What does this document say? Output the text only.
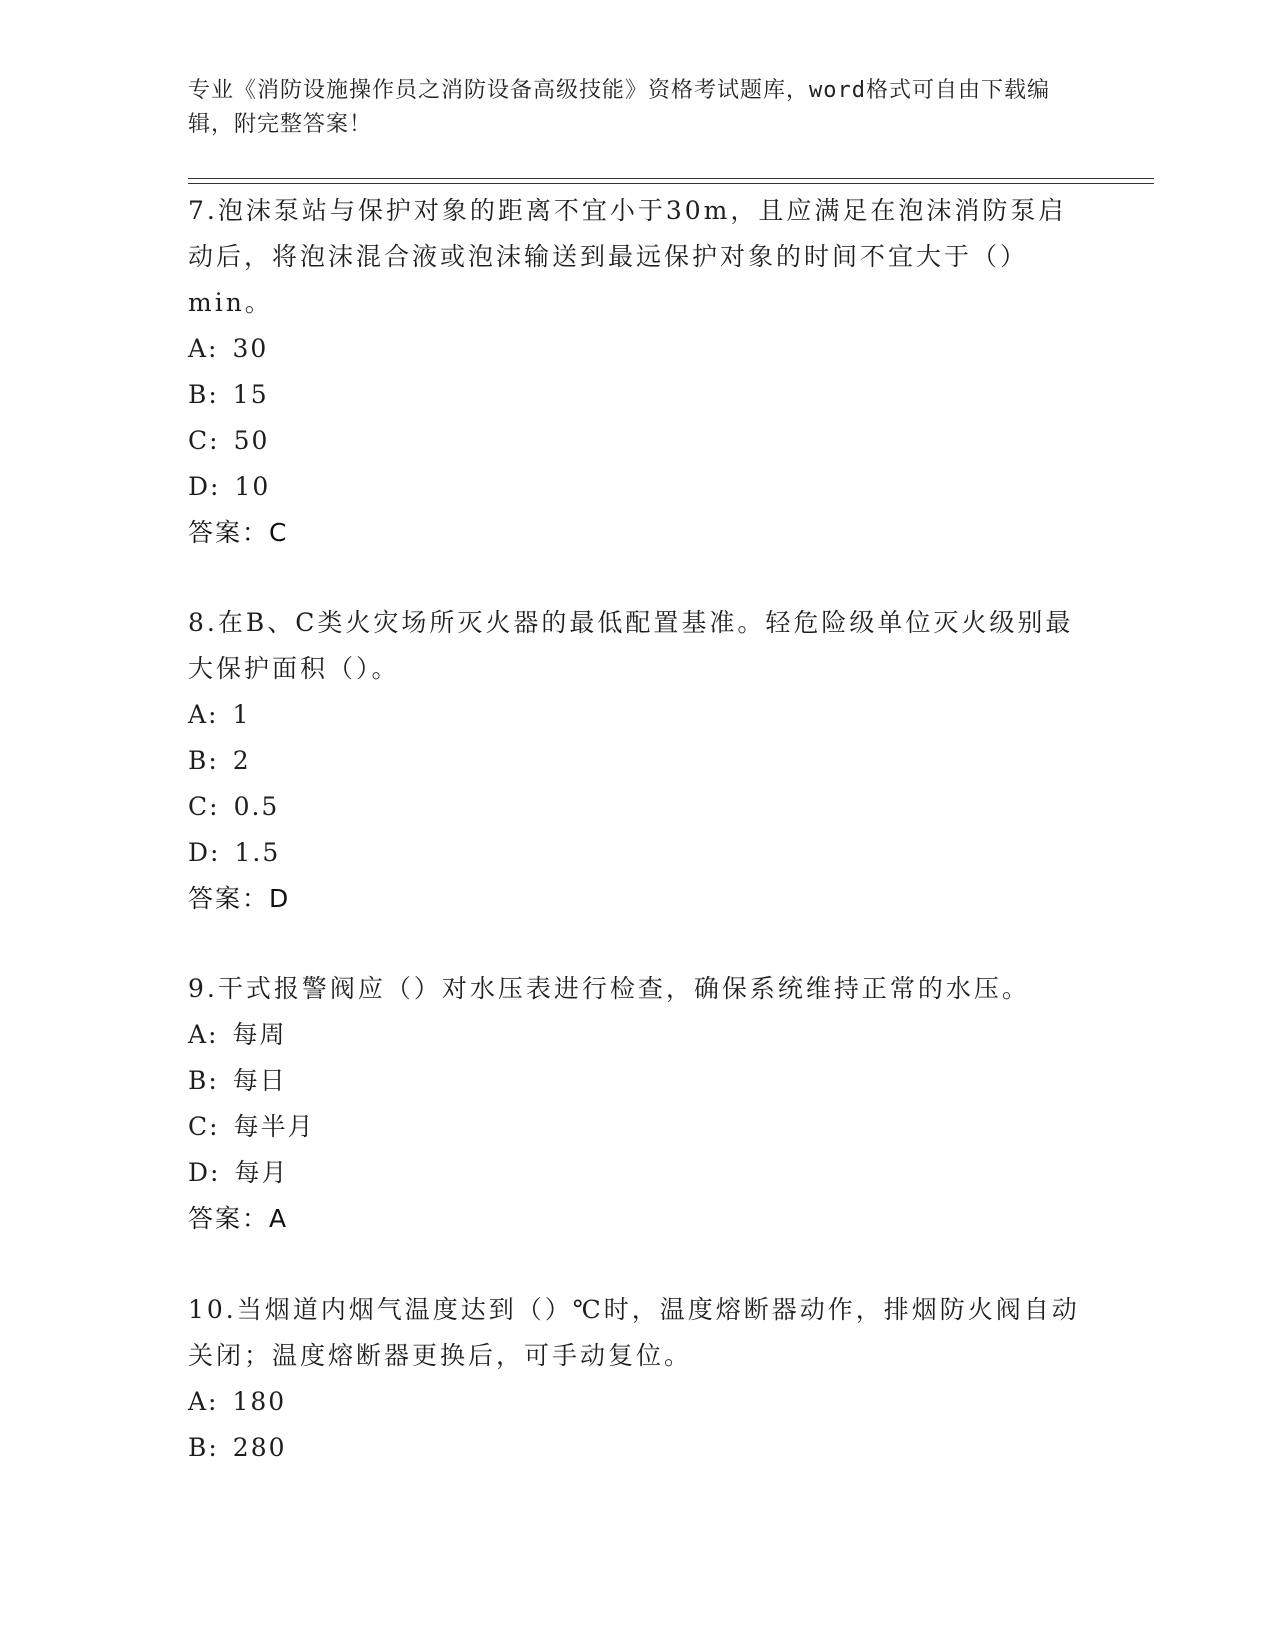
专业《消防设施操作员之消防设备高级技能》资格考试题库，word格式可自由下载编辑，附完整答案！

7.泡沫泵站与保护对象的距离不宜小于30m，且应满足在泡沫消防泵启动后，将泡沫混合液或泡沫输送到最远保护对象的时间不宜大于（）min。

A: 30
B: 15
C: 50
D: 10
答案：C

8.在B、C类火灾场所灭火器的最低配置基准。轻危险级单位灭火级别最大保护面积（）。

A: 1
B: 2
C: 0.5
D: 1.5
答案：D

9.干式报警阀应（）对水压表进行检查，确保系统维持正常的水压。

A: 每周
B: 每日
C: 每半月
D: 每月
答案：A

10.当烟道内烟气温度达到（）℃时，温度熔断器动作，排烟防火阀自动关闭；温度熔断器更换后，可手动复位。

A: 180
B: 280
